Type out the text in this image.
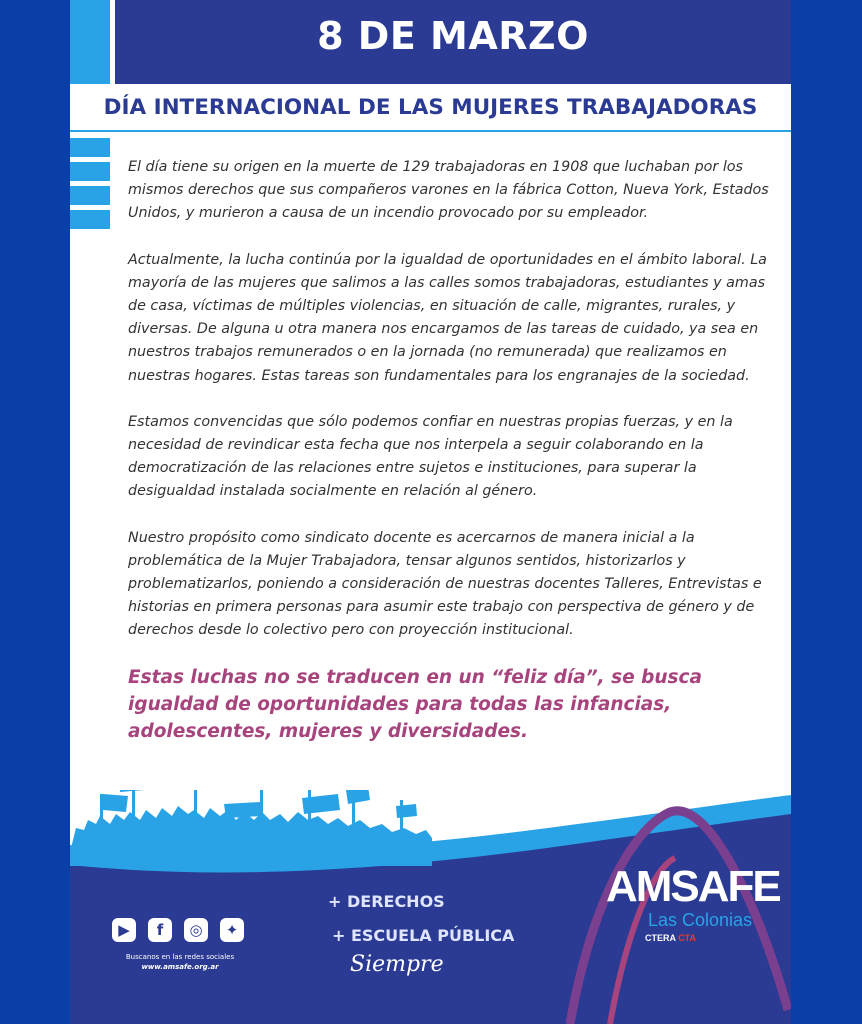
8 DE MARZO
DÍA INTERNACIONAL DE LAS MUJERES TRABAJADORAS

El día tiene su origen en la muerte de 129 trabajadoras en 1908 que luchaban por los mismos derechos que sus compañeros varones en la fábrica Cotton, Nueva York, Estados Unidos, y murieron a causa de un incendio provocado por su empleador.

Actualmente, la lucha continúa por la igualdad de oportunidades en el ámbito laboral. La mayoría de las mujeres que salimos a las calles somos trabajadoras, estudiantes y amas de casa, víctimas de múltiples violencias, en situación de calle, migrantes, rurales, y diversas. De alguna u otra manera nos encargamos de las tareas de cuidado, ya sea en nuestros trabajos remunerados o en la jornada (no remunerada) que realizamos en nuestras hogares. Estas tareas son fundamentales para los engranajes de la sociedad.

Estamos convencidas que sólo podemos confiar en nuestras propias fuerzas, y en la necesidad de revindicar esta fecha que nos interpela a seguir colaborando en la democratización de las relaciones entre sujetos e instituciones, para superar la desigualdad instalada socialmente en relación al género.

Nuestro propósito como sindicato docente es acercarnos de manera inicial a la problemática de la Mujer Trabajadora, tensar algunos sentidos, historizarlos y problematizarlos, poniendo a consideración de nuestras docentes Talleres, Entrevistas e historias en primera personas para asumir este trabajo con perspectiva de género y de derechos desde lo colectivo pero con proyección institucional.

Estas luchas no se traducen en un “feliz día”, se busca igualdad de oportunidades para todas las infancias, adolescentes, mujeres y diversidades.
AMSAFE
▶	f	◎	✦
Buscanos en las redes sociales
www.amsafe.org.ar
+ DERECHOS
+ ESCUELA PÚBLICA
Siempre
AMSAFE
Las Colonias
CTERA CTA
